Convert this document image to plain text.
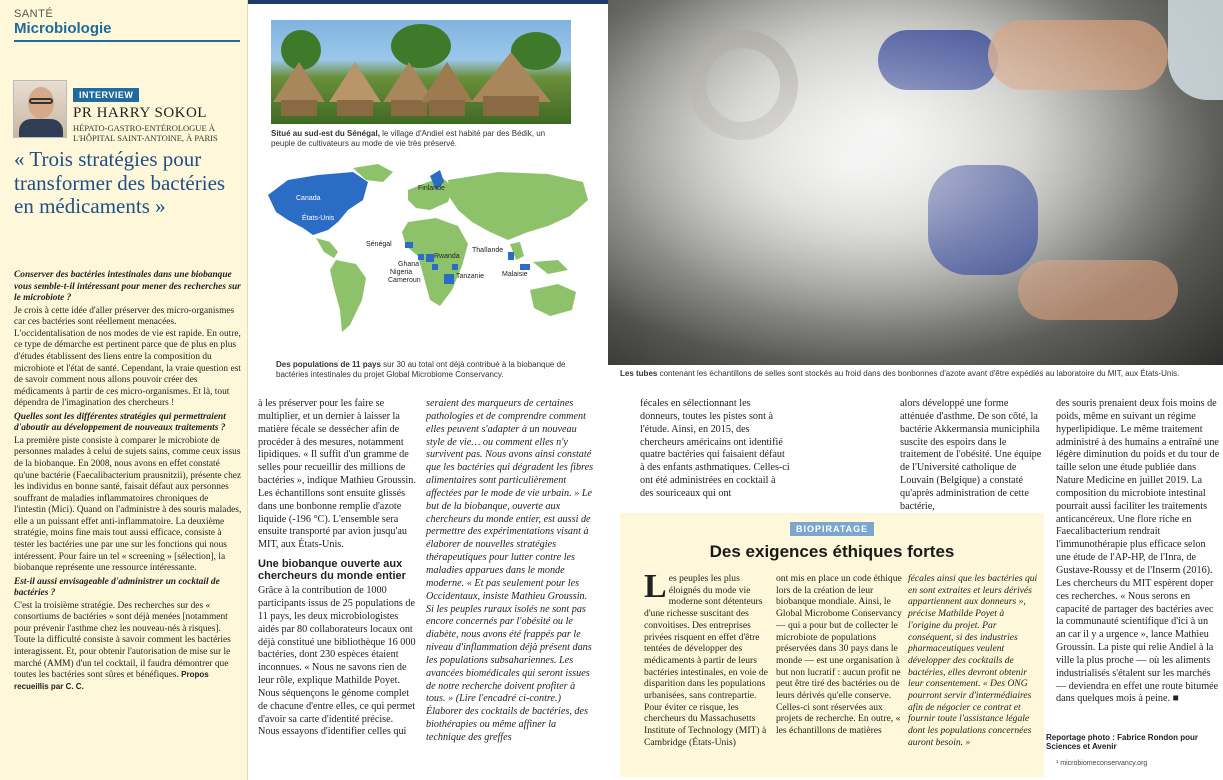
SANTÉ
Microbiologie
INTERVIEW
PR HARRY SOKOL
HÉPATO-GASTRO-ENTÉROLOGUE À L'HÔPITAL SAINT-ANTOINE, À PARIS
« Trois stratégies pour transformer des bactéries en médicaments »

Conserver des bactéries intestinales dans une biobanque vous semble-t-il intéressant pour mener des recherches sur le microbiote ?

Je crois à cette idée d'aller préserver des micro-organismes car ces bactéries sont réellement menacées. L'occidentalisation de nos modes de vie est rapide. En outre, ce type de démarche est pertinent parce que de plus en plus d'études établissent des liens entre la composition du microbiote et l'état de santé. Cependant, la vraie question est de savoir comment nous allons pouvoir créer des médicaments à partir de ces micro-organismes. Et là, tout dépendra de l'imagination des chercheurs !

Quelles sont les différentes stratégies qui permettraient d'aboutir au développement de nouveaux traitements ?

La première piste consiste à comparer le microbiote de personnes malades à celui de sujets sains, comme ceux issus de la biobanque. En 2008, nous avons en effet constaté qu'une bactérie (Faecalibacterium prausnitzii), présente chez les individus en bonne santé, faisait défaut aux personnes souffrant de maladies inflammatoires chroniques de l'intestin (Mici). Quand on l'administre à des souris malades, elle a un puissant effet anti-inflammatoire. La deuxième stratégie, moins fine mais tout aussi efficace, consiste à tester les bactéries une par une sur les fonctions qui nous intéressent. Pour faire un tel « screening » [sélection], la biobanque représente une ressource intéressante.

Est-il aussi envisageable d'administrer un cocktail de bactéries ?

C'est la troisième stratégie. Des recherches sur des « consortiums de bactéries » sont déjà menées [notamment pour prévenir l'asthme chez les nouveau-nés à risques]. Toute la difficulté consiste à savoir comment les bactéries interagissent. Et, pour obtenir l'autorisation de mise sur le marché (AMM) d'un tel cocktail, il faudra démontrer que toutes les bactéries sont sûres et bénéfiques. Propos recueillis par C. C.

Situé au sud-est du Sénégal, le village d'Andiel est habité par des Bédik, un peuple de cultivateurs au mode de vie très préservé.
Finlande
Canada
États-Unis
Sénégal
Thaïlande
Ghana
Nigeria
Cameroun
Rwanda
Tanzanie	Malaisie
Des populations de 11 pays sur 30 au total ont déjà contribué à la biobanque de bactéries intestinales du projet Global Microbiome Conservancy.	Les tubes contenant les échantillons de selles sont stockés au froid dans des bonbonnes d'azote avant d'être expédiés au laboratoire du MIT, aux États-Unis.

à les préserver pour les faire se multiplier, et un dernier à laisser la matière fécale se dessécher afin de procéder à des mesures, notamment lipidiques. « Il suffit d'un gramme de selles pour recueillir des millions de bactéries », indique Mathieu Groussin. Les échantillons sont ensuite glissés dans une bonbonne remplie d'azote liquide (-196 °C). L'ensemble sera ensuite transporté par avion jusqu'au MIT, aux États-Unis.

Une biobanque ouverte aux chercheurs du monde entier

Grâce à la contribution de 1000 participants issus de 25 populations de 11 pays, les deux microbiologistes aidés par 80 collaborateurs locaux ont déjà constitué une bibliothèque 16 000 bactéries, dont 230 espèces étaient inconnues. « Nous ne savons rien de leur rôle, explique Mathilde Poyet. Nous séquençons le génome complet de chacune d'entre elles, ce qui permet d'avoir sa carte d'identité précise. Nous essayons d'identifier celles qui

seraient des marqueurs de certaines pathologies et de comprendre comment elles peuvent s'adapter à un nouveau style de vie… ou comment elles n'y survivent pas. Nous avons ainsi constaté que les bactéries qui dégradent les fibres alimentaires sont particulièrement affectées par le mode de vie urbain. » Le but de la biobanque, ouverte aux chercheurs du monde entier, est aussi de permettre des expérimentations visant à élaborer de nouvelles stratégies thérapeutiques pour lutter contre les maladies apparues dans le monde moderne. « Et pas seulement pour les Occidentaux, insiste Mathieu Groussin. Si les peuples ruraux isolés ne sont pas encore concernés par l'obésité ou le diabète, nous avons été frappés par le niveau d'inflammation déjà présent dans les populations subsahariennes. Les avancées biomédicales qui seront issues de notre recherche doivent profiter à tous. » (Lire l'encadré ci-contre.) Élaborer des cocktails de bactéries, des biothérapies ou même affiner la technique des greffes

fécales en sélectionnant les donneurs, toutes les pistes sont à l'étude. Ainsi, en 2015, des chercheurs américains ont identifié quatre bactéries qui faisaient défaut à des enfants asthmatiques. Celles-ci ont été administrées en cocktail à des souriceaux qui ont

alors développé une forme atténuée d'asthme. De son côté, la bactérie Akkermansia municiphila suscite des espoirs dans le traitement de l'obésité. Une équipe de l'Université catholique de Louvain (Belgique) a constaté qu'après administration de cette bactérie,

des souris prenaient deux fois moins de poids, même en suivant un régime hyperlipidique. Le même traitement administré à des humains a entraîné une légère diminution du poids et du tour de taille selon une étude publiée dans Nature Medicine en juillet 2019. La composition du microbiote intestinal pourrait aussi faciliter les traitements anticancéreux. Une flore riche en Faecalibacterium rendrait l'immunothérapie plus efficace selon une étude de l'AP-HP, de l'Inra, de Gustave-Roussy et de l'Inserm (2016). Les chercheurs du MIT espèrent doper ces recherches. « Nous serons en capacité de partager des bactéries avec la communauté scientifique d'ici à un an car il y a urgence », lance Mathieu Groussin. La piste qui relie Andiel à la ville la plus proche — où les aliments industrialisés s'étalent sur les marchés — deviendra en effet une route bitumée dans quelques mois à peine. ■

BIOPIRATAGE
Des exigences éthiques fortes
Les peuples les plus éloignés du mode vie moderne sont détenteurs d'une richesse suscitant des convoitises. Des entreprises privées risquent en effet d'être tentées de développer des médicaments à partir de leurs bactéries intestinales, en voie de disparition dans les populations urbanisées, sans contrepartie. Pour éviter ce risque, les chercheurs du Massachusetts Institute of Technology (MIT) à Cambridge (États-Unis)
ont mis en place un code éthique lors de la création de leur biobanque mondiale. Ainsi, le Global Microbome Conservancy — qui a pour but de collecter le microbiote de populations préservées dans 30 pays dans le monde — est une organisation à but non lucratif : aucun profit ne peut être tiré des bactéries ou de leurs dérivés qu'elle conserve. Celles-ci sont réservées aux projets de recherche. En outre, « les échantillons de matières
fécales ainsi que les bactéries qui en sont extraites et leurs dérivés appartiennent aux donneurs », précise Mathilde Poyet à l'origine du projet. Par conséquent, si des industries pharmaceutiques veulent développer des cocktails de bactéries, elles devront obtenir leur consentement. « Des ONG pourront servir d'intermédiaires afin de négocier ce contrat et fournir toute l'assistance légale dont les populations concernées auront besoin. »	Reportage photo : Fabrice Rondon pour Sciences et Avenir
¹ microbiomeconservancy.org
